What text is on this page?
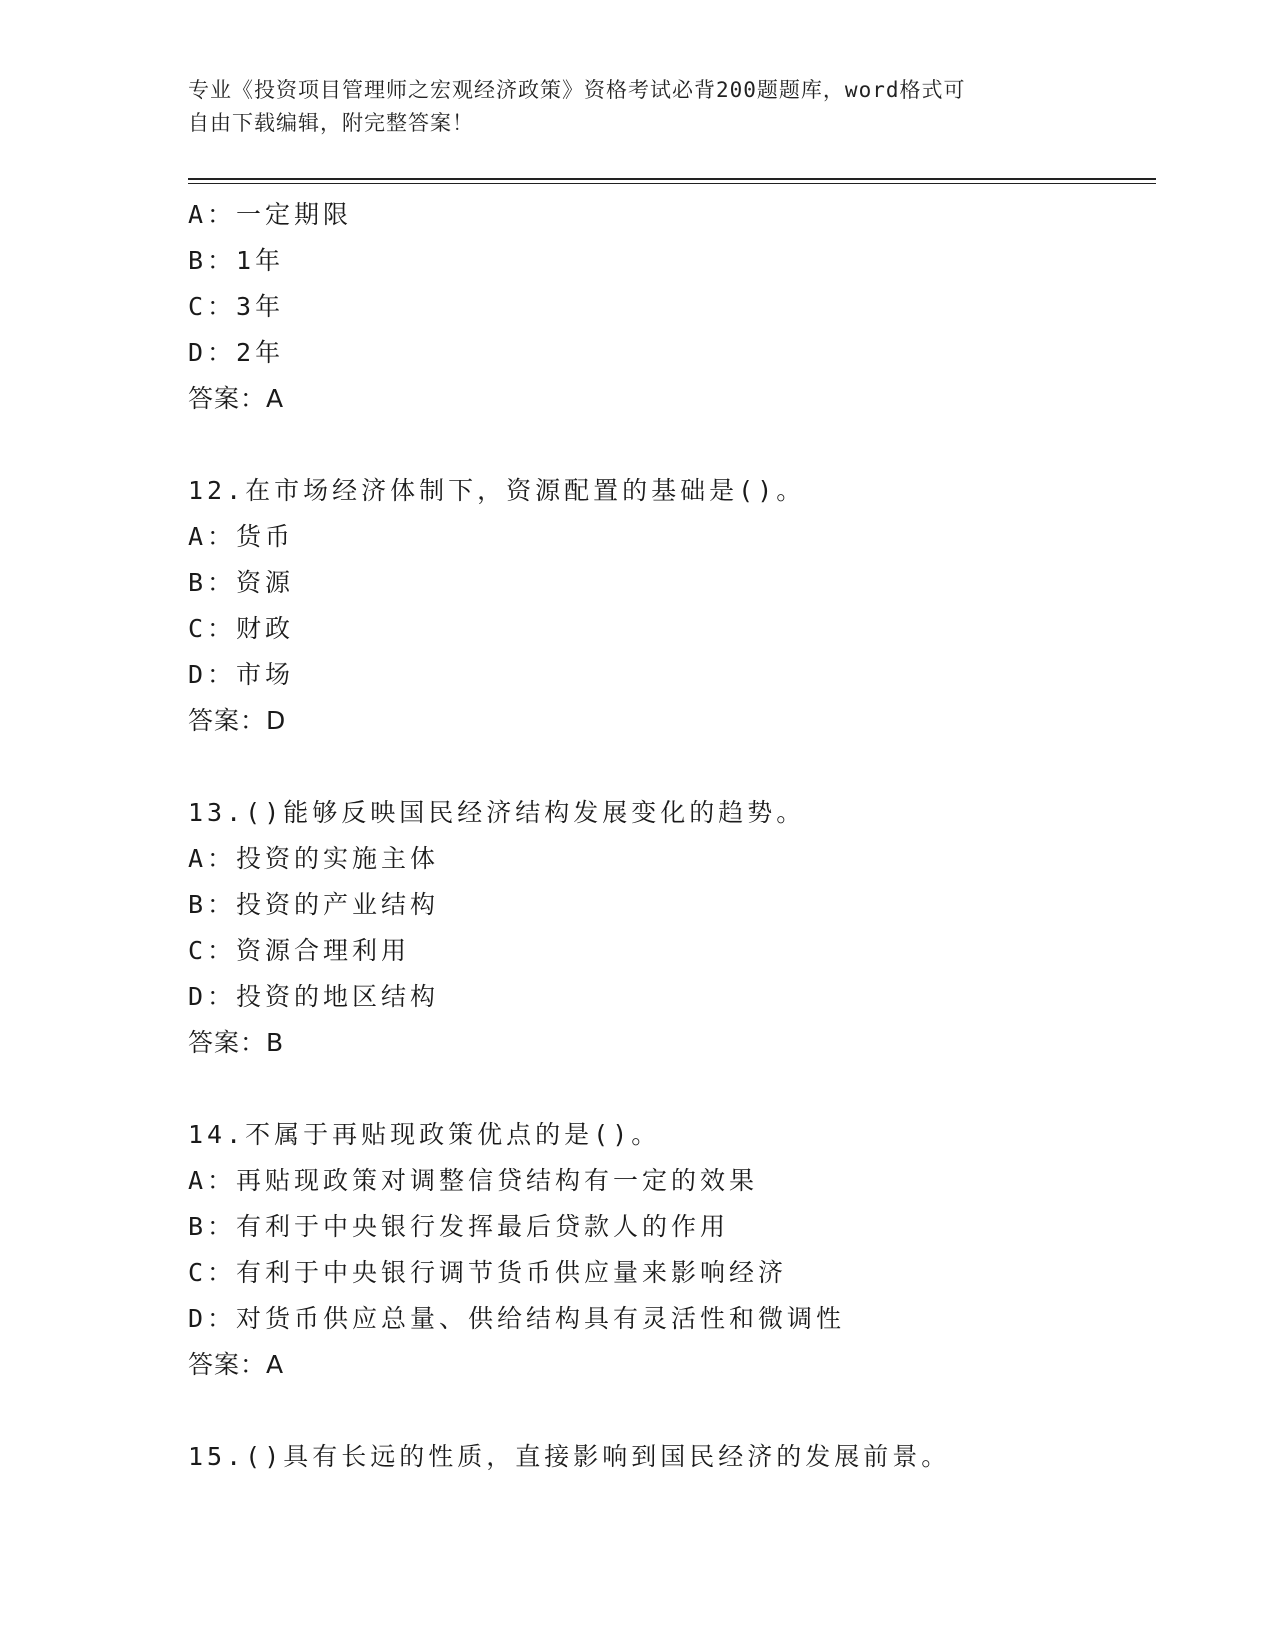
专业《投资项目管理师之宏观经济政策》资格考试必背200题题库，word格式可
自由下载编辑，附完整答案！
A：一定期限
B：1年
C：3年
D：2年
答案：A
12.在市场经济体制下，资源配置的基础是()。
A：货币
B：资源
C：财政
D：市场
答案：D
13.()能够反映国民经济结构发展变化的趋势。
A：投资的实施主体
B：投资的产业结构
C：资源合理利用
D：投资的地区结构
答案：B
14.不属于再贴现政策优点的是()。
A：再贴现政策对调整信贷结构有一定的效果
B：有利于中央银行发挥最后贷款人的作用
C：有利于中央银行调节货币供应量来影响经济
D：对货币供应总量、供给结构具有灵活性和微调性
答案：A
15.()具有长远的性质，直接影响到国民经济的发展前景。
